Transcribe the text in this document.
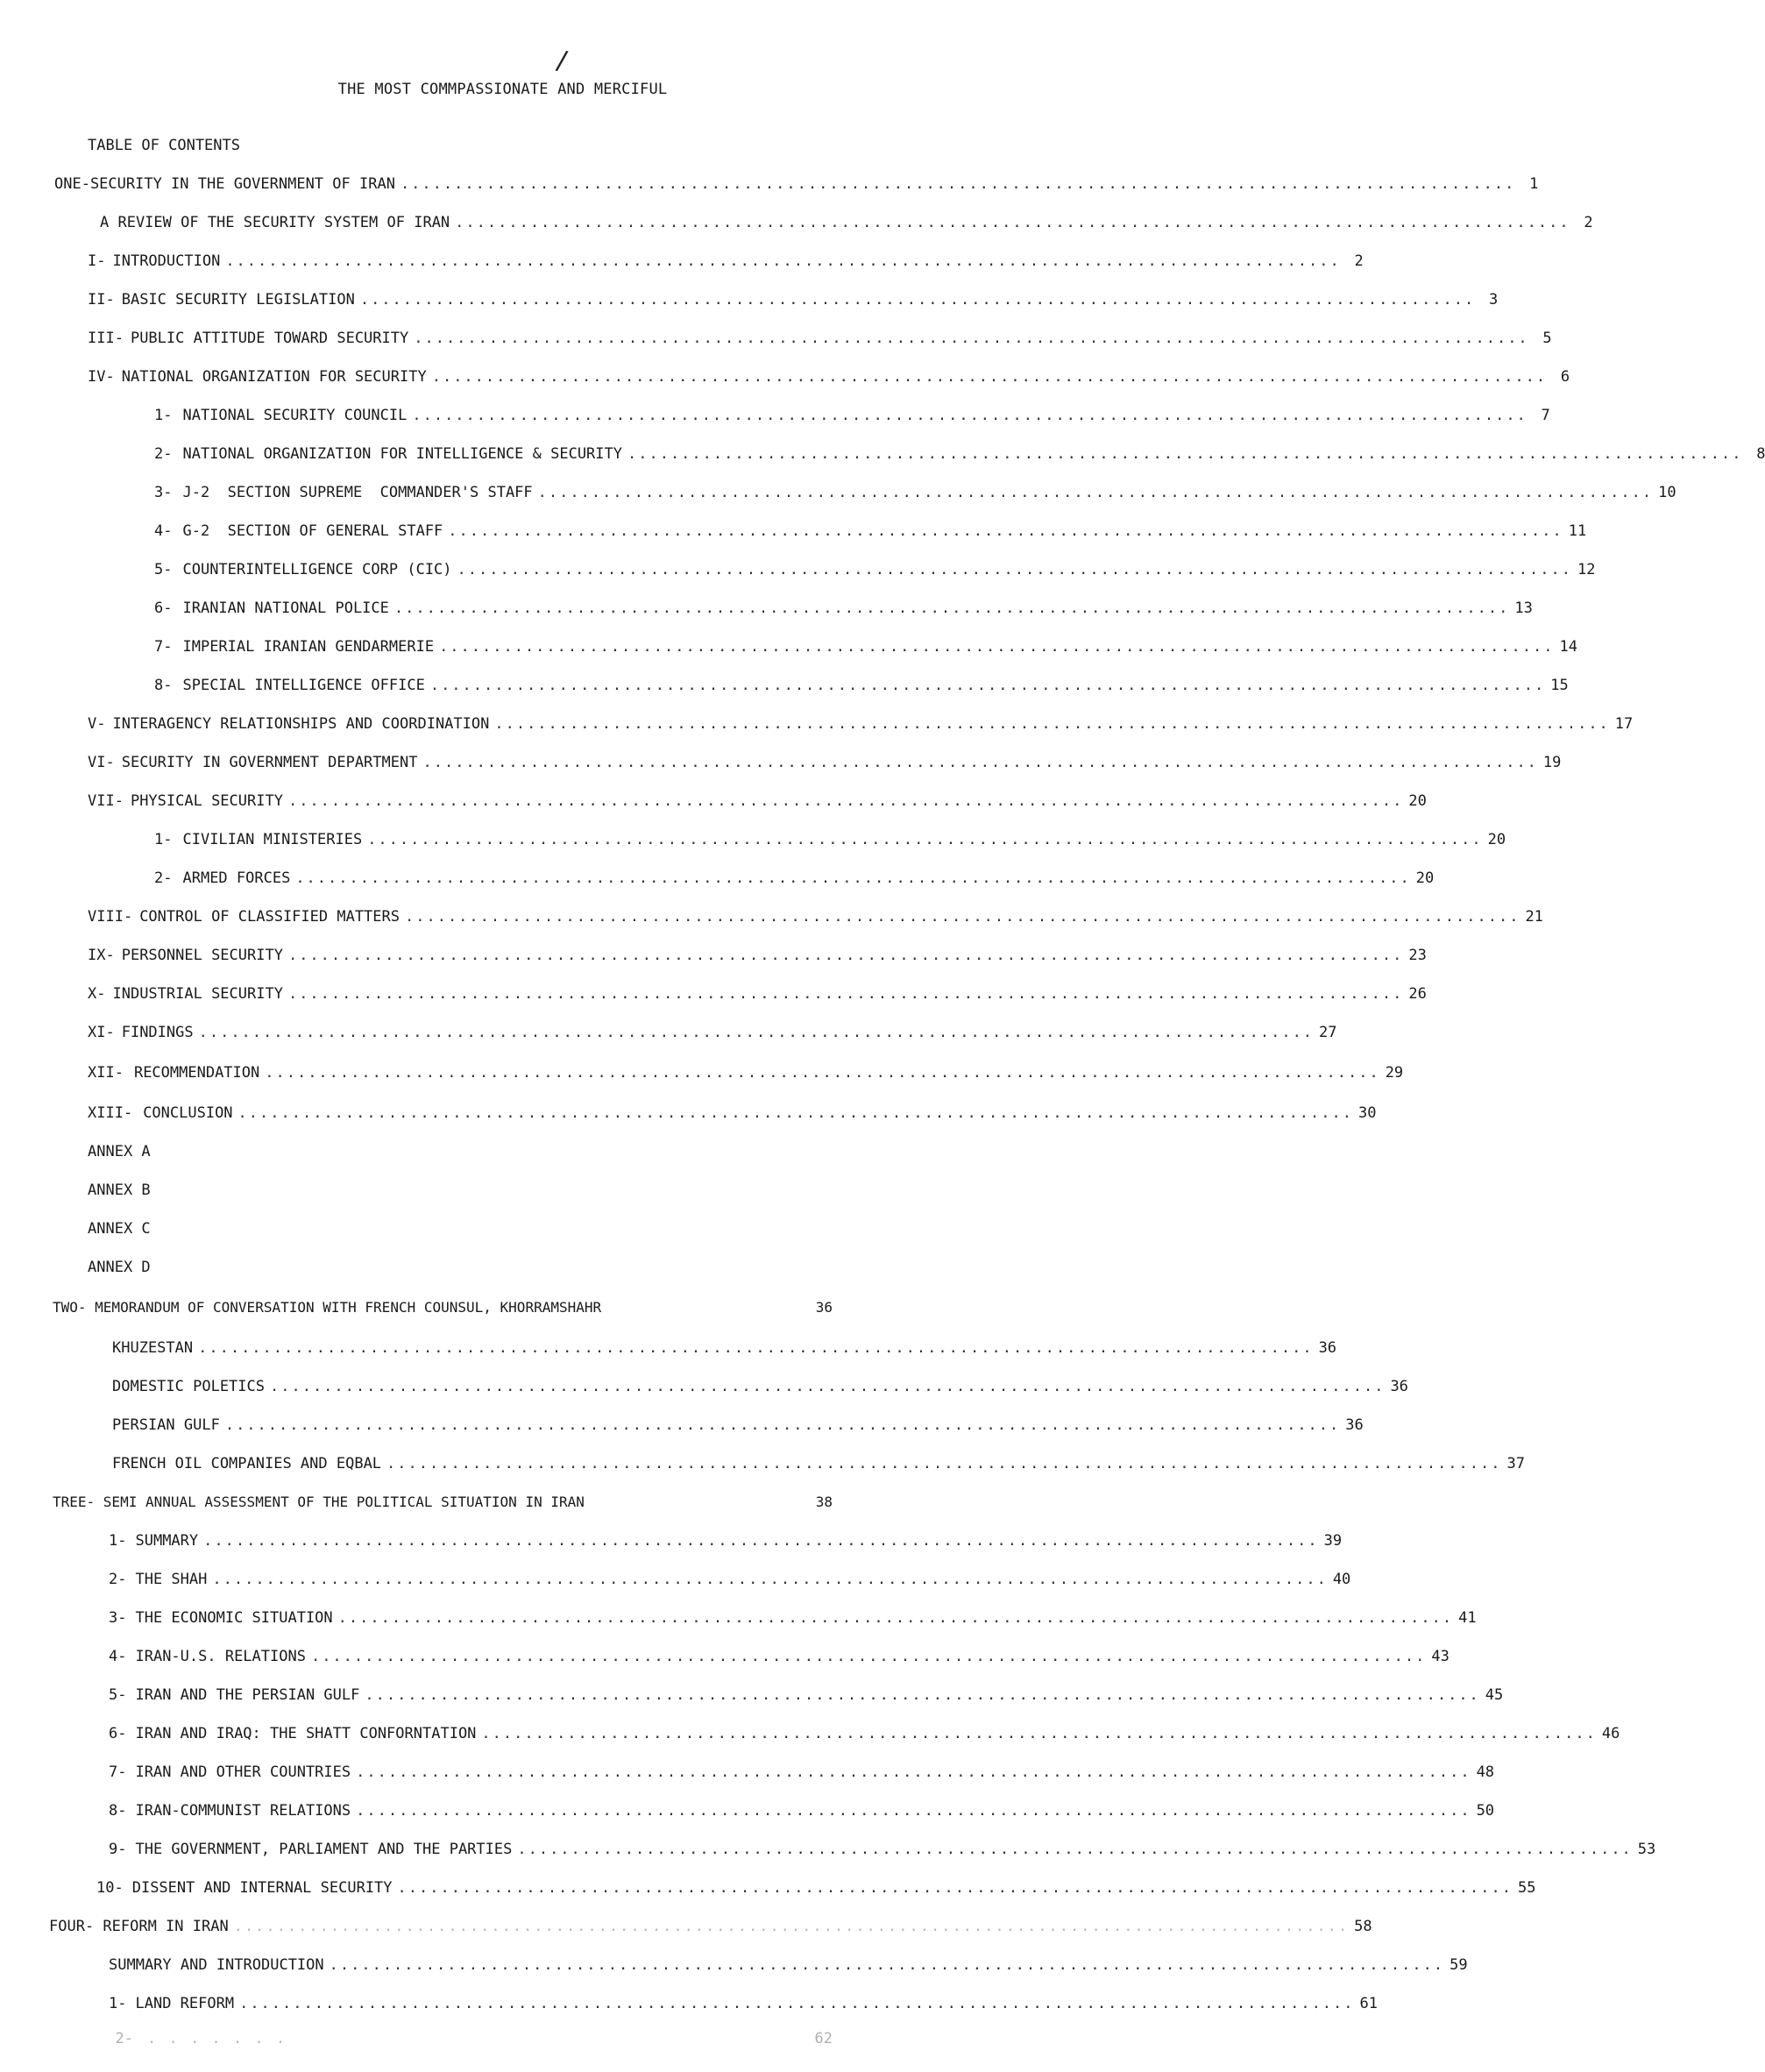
/
THE MOST COMMPASSIONATE AND MERCIFUL
TABLE OF CONTENTS
ONE-SECURITY IN THE GOVERNMENT OF IRAN ........................................................................................................ 1
A REVIEW OF THE SECURITY SYSTEM OF IRAN ........................................................................................................ 2
I- INTRODUCTION ........................................................................................................ 2
II- BASIC SECURITY LEGISLATION ........................................................................................................ 3
III- PUBLIC ATTITUDE TOWARD SECURITY ........................................................................................................ 5
IV- NATIONAL ORGANIZATION FOR SECURITY ........................................................................................................ 6
1- NATIONAL SECURITY COUNCIL ........................................................................................................ 7
2- NATIONAL ORGANIZATION FOR INTELLIGENCE & SECURITY ........................................................................................................ 8
3- J-2  SECTION SUPREME  COMMANDER'S STAFF ........................................................................................................ 10
4- G-2  SECTION OF GENERAL STAFF ........................................................................................................ 11
5- COUNTERINTELLIGENCE CORP (CIC) ........................................................................................................ 12
6- IRANIAN NATIONAL POLICE ........................................................................................................ 13
7- IMPERIAL IRANIAN GENDARMERIE ........................................................................................................ 14
8- SPECIAL INTELLIGENCE OFFICE ........................................................................................................ 15
V- INTERAGENCY RELATIONSHIPS AND COORDINATION ........................................................................................................ 17
VI- SECURITY IN GOVERNMENT DEPARTMENT ........................................................................................................ 19
VII- PHYSICAL SECURITY ........................................................................................................ 20
1- CIVILIAN MINISTERIES ........................................................................................................ 20
2- ARMED FORCES ........................................................................................................ 20
VIII- CONTROL OF CLASSIFIED MATTERS ........................................................................................................ 21
IX- PERSONNEL SECURITY ........................................................................................................ 23
X- INDUSTRIAL SECURITY ........................................................................................................ 26
XI- FINDINGS ........................................................................................................ 27
XII- RECOMMENDATION ........................................................................................................ 29
XIII- CONCLUSION ........................................................................................................ 30
ANNEX A
ANNEX B
ANNEX C
ANNEX D
TWO- MEMORANDUM OF CONVERSATION WITH FRENCH COUNSUL, KHORRAMSHAHR	36
KHUZESTAN ........................................................................................................ 36
DOMESTIC POLETICS ........................................................................................................ 36
PERSIAN GULF ........................................................................................................ 36
FRENCH OIL COMPANIES AND EQBAL ........................................................................................................ 37
TREE- SEMI ANNUAL ASSESSMENT OF THE POLITICAL SITUATION IN IRAN	38
1- SUMMARY ........................................................................................................ 39
2- THE SHAH ........................................................................................................ 40
3- THE ECONOMIC SITUATION ........................................................................................................ 41
4- IRAN-U.S. RELATIONS ........................................................................................................ 43
5- IRAN AND THE PERSIAN GULF ........................................................................................................ 45
6- IRAN AND IRAQ: THE SHATT CONFORNTATION ........................................................................................................ 46
7- IRAN AND OTHER COUNTRIES ........................................................................................................ 48
8- IRAN-COMMUNIST RELATIONS ........................................................................................................ 50
9- THE GOVERNMENT, PARLIAMENT AND THE PARTIES ........................................................................................................ 53
10- DISSENT AND INTERNAL SECURITY ........................................................................................................ 55
FOUR- REFORM IN IRAN ........................................................................................................ 58
SUMMARY AND INTRODUCTION ........................................................................................................ 59
1- LAND REFORM ........................................................................................................ 61
2- . . . . . . .	62
